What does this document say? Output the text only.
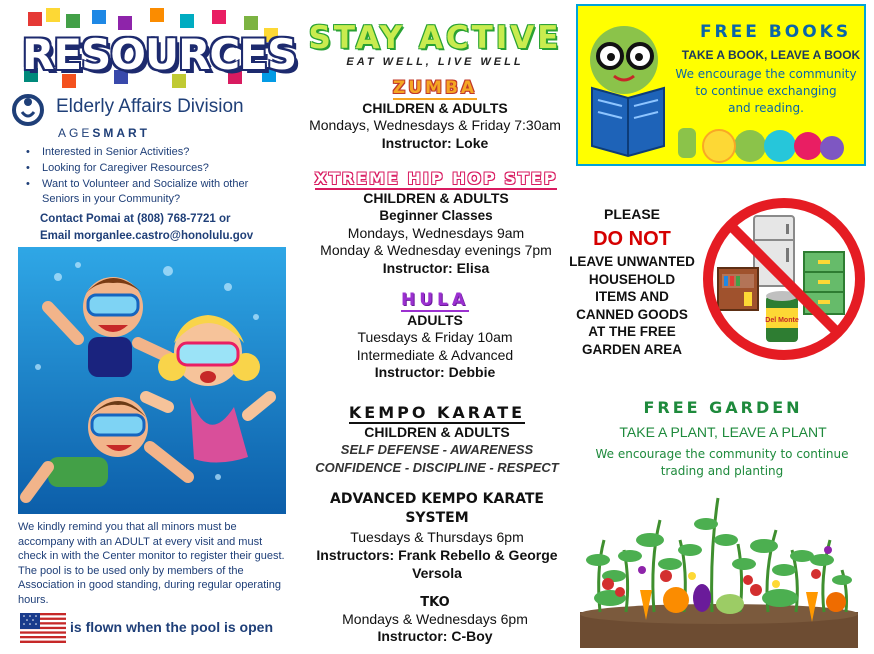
RESOURCES
Elderly Affairs Division
AGESMART
• Interested in Senior Activities?
• Looking for Caregiver Resources?
• Want to Volunteer and Socialize with other Seniors in your Community?
Contact Pomai at (808) 768-7721 or
Email morganlee.castro@honolulu.gov
We kindly remind you that all minors must be accompany with an ADULT at every visit and must check in with the Center monitor to register their guest. The pool is to be used only by members of the Association in good standing, during regular operating hours.
is flown when the pool is open
STAY ACTIVE
EAT WELL, LIVE WELL
ZUMBA
CHILDREN & ADULTS
Mondays, Wednesdays & Friday 7:30am
Instructor: Loke
XTREME HIP HOP STEP
CHILDREN & ADULTS
Beginner Classes
Mondays, Wednesdays 9am
Monday & Wednesday evenings 7pm
Instructor: Elisa
HULA
ADULTS
Tuesdays & Friday 10am
Intermediate & Advanced
Instructor: Debbie
KEMPO KARATE
CHILDREN & ADULTS
SELF DEFENSE - AWARENESS
CONFIDENCE - DISCIPLINE - RESPECT
ADVANCED KEMPO KARATE
SYSTEM
Tuesdays & Thursdays 6pm
Instructors: Frank Rebello & George
Versola
TKO
Mondays & Wednesdays 6pm
Instructor: C-Boy
FREE BOOKS
TAKE A BOOK, LEAVE A BOOK
We encourage the community
to continue exchanging
and reading.
PLEASE
DO NOT
LEAVE UNWANTED
HOUSEHOLD
ITEMS AND
CANNED GOODS
AT THE FREE
GARDEN AREA
Del Monte
FREE GARDEN
TAKE A PLANT, LEAVE A PLANT
We encourage the community to continue
trading and planting
